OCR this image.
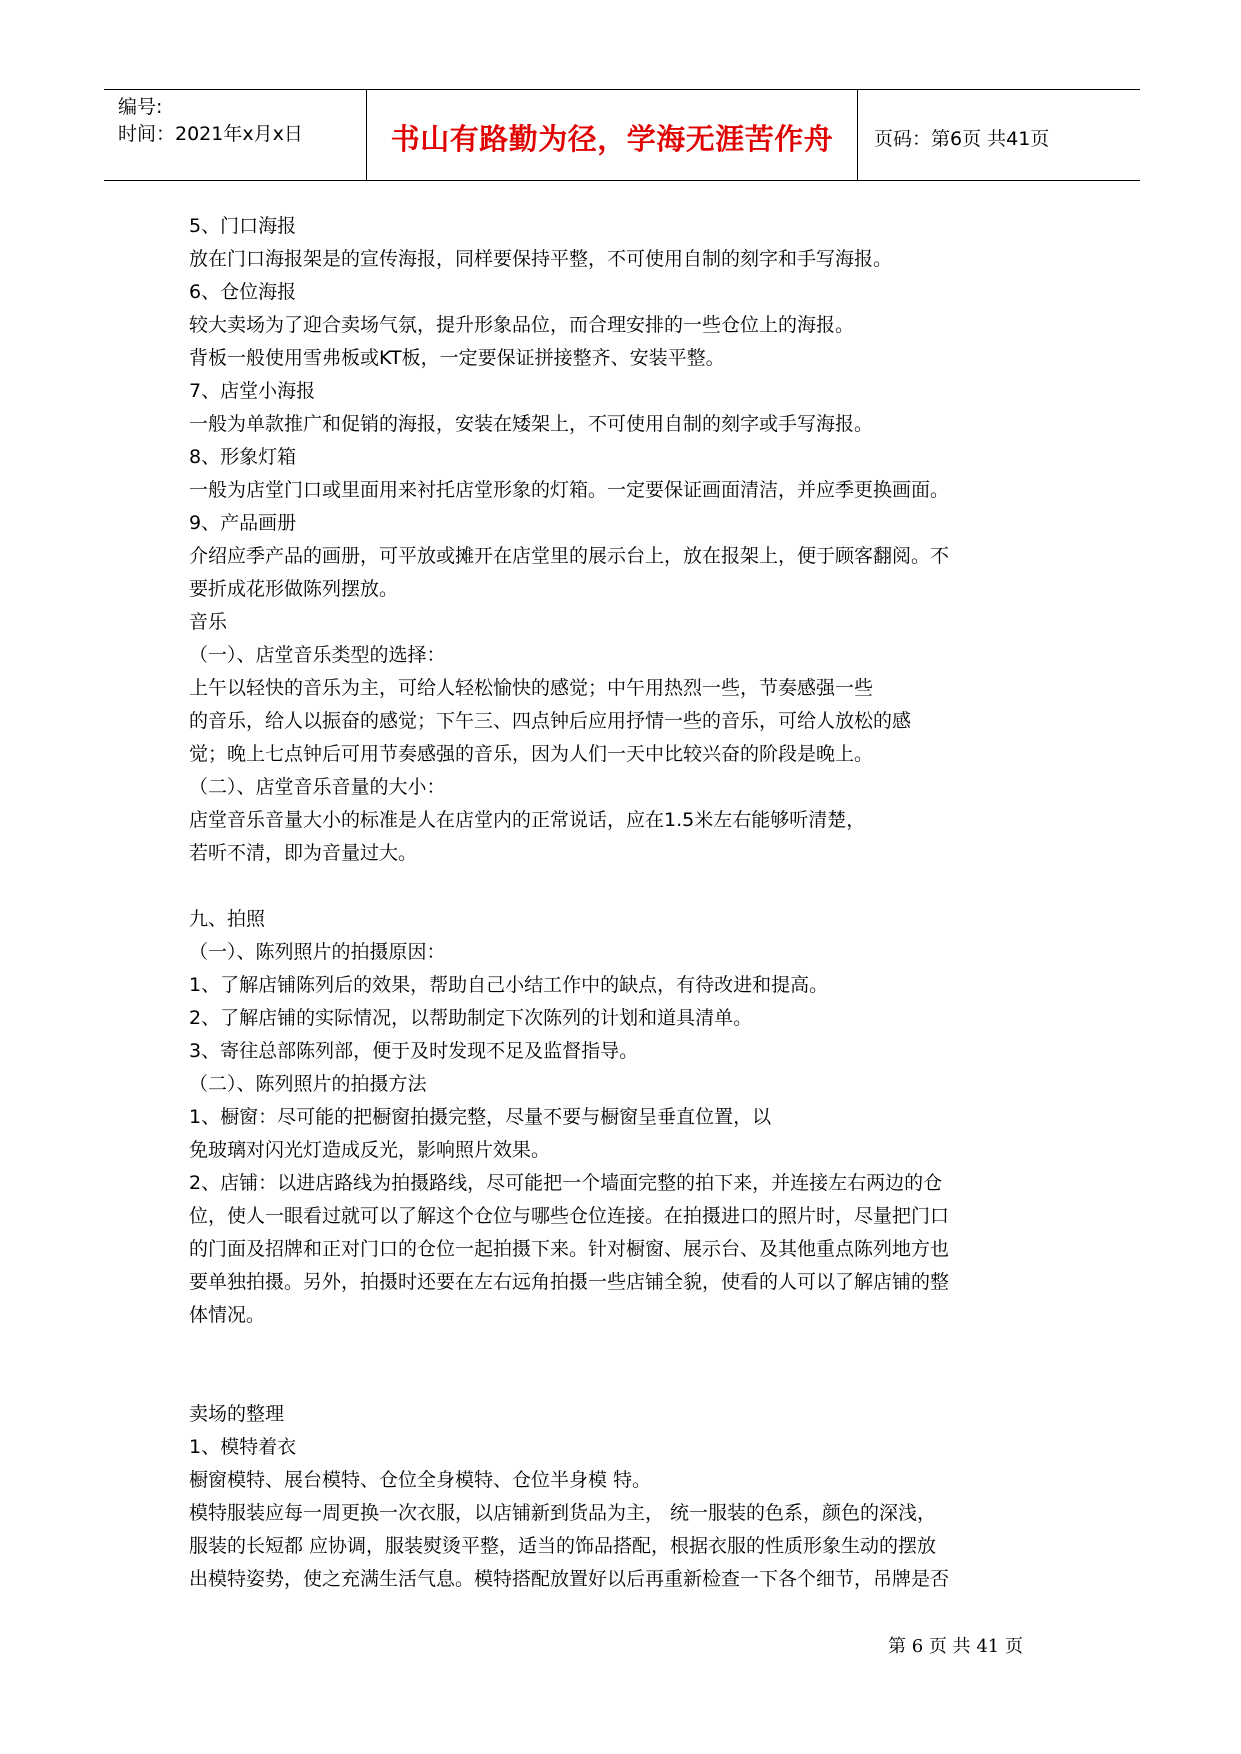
编号:
时间：2021年x月x日	书山有路勤为径，学海无涯苦作舟 页码：第6页 共41页
5、门口海报
放在门口海报架是的宣传海报，同样要保持平整，不可使用自制的刻字和手写海报。
6、仓位海报
较大卖场为了迎合卖场气氛，提升形象品位，而合理安排的一些仓位上的海报。
背板一般使用雪弗板或KT板，一定要保证拼接整齐、安装平整。
7、店堂小海报
一般为单款推广和促销的海报，安装在矮架上，不可使用自制的刻字或手写海报。
8、形象灯箱
一般为店堂门口或里面用来衬托店堂形象的灯箱。一定要保证画面清洁，并应季更换画面。
9、产品画册
介绍应季产品的画册，可平放或摊开在店堂里的展示台上，放在报架上，便于顾客翻阅。不
要折成花形做陈列摆放。
音乐
（一）、店堂音乐类型的选择：
上午以轻快的音乐为主，可给人轻松愉快的感觉；中午用热烈一些，节奏感强一些
的音乐，给人以振奋的感觉；下午三、四点钟后应用抒情一些的音乐，可给人放松的感
觉；晚上七点钟后可用节奏感强的音乐，因为人们一天中比较兴奋的阶段是晚上。
（二）、店堂音乐音量的大小：
店堂音乐音量大小的标准是人在店堂内的正常说话，应在1.5米左右能够听清楚，
若听不清，即为音量过大。
九、拍照
（一）、陈列照片的拍摄原因：
1、了解店铺陈列后的效果，帮助自己小结工作中的缺点，有待改进和提高。
2、了解店铺的实际情况，以帮助制定下次陈列的计划和道具清单。
3、寄往总部陈列部，便于及时发现不足及监督指导。
（二）、陈列照片的拍摄方法
1、橱窗：尽可能的把橱窗拍摄完整，尽量不要与橱窗呈垂直位置，以
免玻璃对闪光灯造成反光，影响照片效果。
2、店铺：以进店路线为拍摄路线，尽可能把一个墙面完整的拍下来，并连接左右两边的仓
位，使人一眼看过就可以了解这个仓位与哪些仓位连接。在拍摄进口的照片时，尽量把门口
的门面及招牌和正对门口的仓位一起拍摄下来。针对橱窗、展示台、及其他重点陈列地方也
要单独拍摄。另外，拍摄时还要在左右远角拍摄一些店铺全貌，使看的人可以了解店铺的整
体情况。
卖场的整理
1、模特着衣
橱窗模特、展台模特、仓位全身模特、仓位半身模 特。
模特服装应每一周更换一次衣服，以店铺新到货品为主， 统一服装的色系，颜色的深浅，
服装的长短都 应协调，服装熨烫平整，适当的饰品搭配，根据衣服的性质形象生动的摆放
出模特姿势，使之充满生活气息。模特搭配放置好以后再重新检查一下各个细节，吊牌是否
第 6 页 共 41 页
